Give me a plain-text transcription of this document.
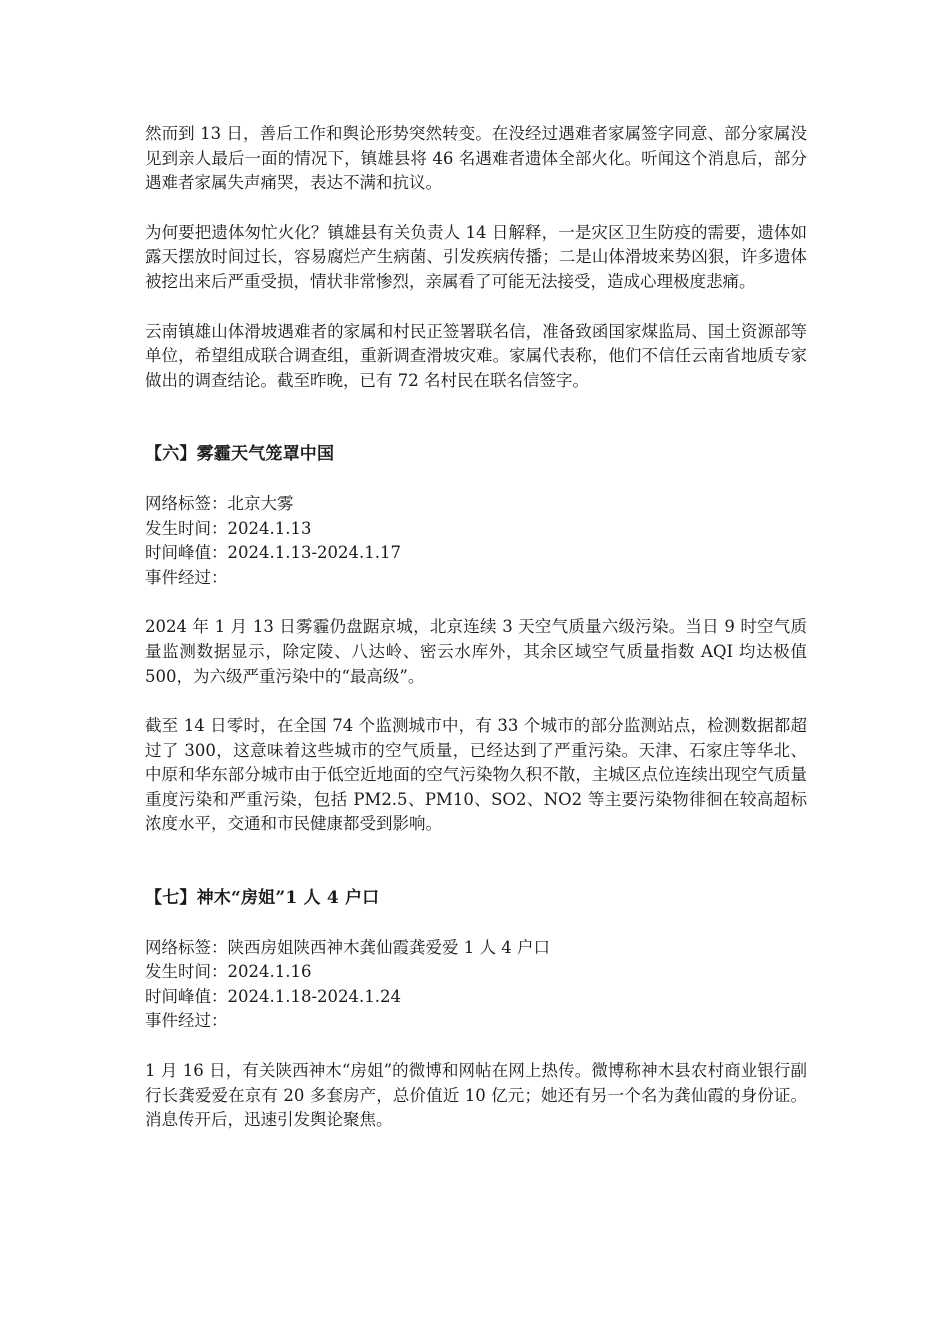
然而到 13 日，善后工作和舆论形势突然转变。在没经过遇难者家属签字同意、部分家属没见到亲人最后一面的情况下，镇雄县将 46 名遇难者遗体全部火化。听闻这个消息后，部分遇难者家属失声痛哭，表达不满和抗议。

为何要把遗体匆忙火化？镇雄县有关负责人 14 日解释，一是灾区卫生防疫的需要，遗体如露天摆放时间过长，容易腐烂产生病菌、引发疾病传播；二是山体滑坡来势凶狠，许多遗体被挖出来后严重受损，情状非常惨烈，亲属看了可能无法接受，造成心理极度悲痛。

云南镇雄山体滑坡遇难者的家属和村民正签署联名信，准备致函国家煤监局、国土资源部等单位，希望组成联合调查组，重新调查滑坡灾难。家属代表称，他们不信任云南省地质专家做出的调查结论。截至昨晚，已有 72 名村民在联名信签字。

【六】雾霾天气笼罩中国
网络标签：北京大雾
发生时间：2024.1.13
时间峰值：2024.1.13-2024.1.17
事件经过：

2024 年 1 月 13 日雾霾仍盘踞京城，北京连续 3 天空气质量六级污染。当日 9 时空气质量监测数据显示，除定陵、八达岭、密云水库外，其余区域空气质量指数 AQI 均达极值 500，为六级严重污染中的“最高级”。

截至 14 日零时，在全国 74 个监测城市中，有 33 个城市的部分监测站点，检测数据都超过了 300，这意味着这些城市的空气质量，已经达到了严重污染。天津、石家庄等华北、中原和华东部分城市由于低空近地面的空气污染物久积不散，主城区点位连续出现空气质量重度污染和严重污染，包括 PM2.5、PM10、SO2、NO2 等主要污染物徘徊在较高超标浓度水平，交通和市民健康都受到影响。

【七】神木“房姐”1 人 4 户口
网络标签：陕西房姐陕西神木龚仙霞龚爱爱 1 人 4 户口
发生时间：2024.1.16
时间峰值：2024.1.18-2024.1.24
事件经过：

1 月 16 日，有关陕西神木“房姐”的微博和网帖在网上热传。微博称神木县农村商业银行副行长龚爱爱在京有 20 多套房产，总价值近 10 亿元；她还有另一个名为龚仙霞的身份证。消息传开后，迅速引发舆论聚焦。
